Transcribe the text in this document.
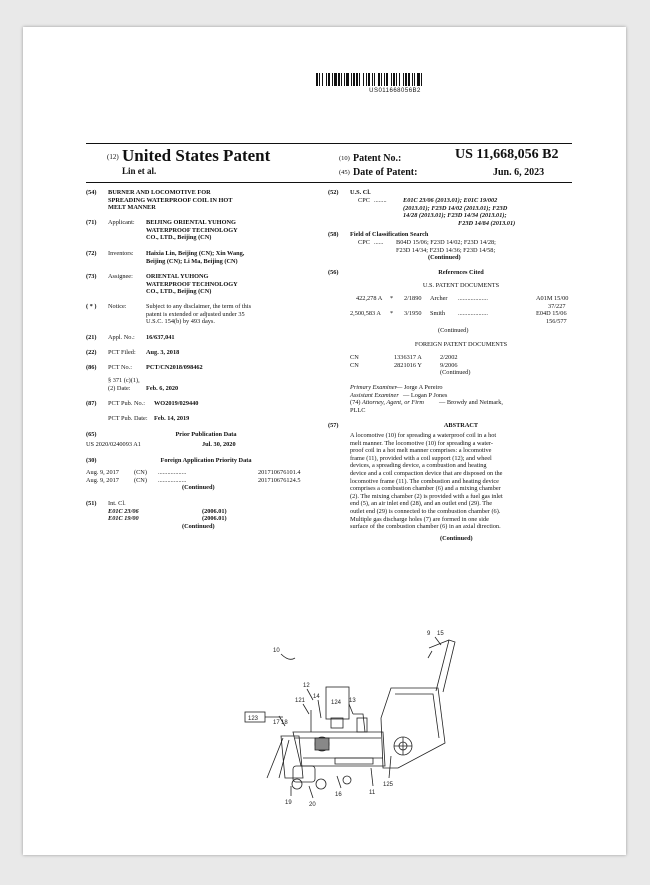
US011668056B2
(12) United States Patent
Lin et al.
(10) Patent No.:	US 11,668,056 B2
(45) Date of Patent:	Jun. 6, 2023
(54) BURNER AND LOCOMOTIVE FOR
SPREADING WATERPROOF COIL IN HOT
MELT MANNER
(71) Applicant: BEIJING ORIENTAL YUHONG
WATERPROOF TECHNOLOGY
CO., LTD., Beijing (CN)
(72) Inventors: Haixia Lin, Beijing (CN); Xin Wang,
Beijing (CN); Li Ma, Beijing (CN)
(73) Assignee: ORIENTAL YUHONG
WATERPROOF TECHNOLOGY
CO., LTD., Beijing (CN)
( * ) Notice:	Subject to any disclaimer, the term of this
patent is extended or adjusted under 35
U.S.C. 154(b) by 493 days.
(21) Appl. No.: 16/637,041
(22) PCT Filed: Aug. 3, 2018
(86) PCT No.: PCT/CN2018/098462
§ 371 (c)(1),
(2) Date: Feb. 6, 2020
(87) PCT Pub. No.: WO2019/029440
PCT Pub. Date: Feb. 14, 2019
(65)	Prior Publication Data
US 2020/0240093 A1	Jul. 30, 2020
(30)	Foreign Application Priority Data
Aug. 9, 2017 (CN) ..................	201710676101.4
Aug. 9, 2017 (CN) ..................	201710676124.5
(Continued)
(51) Int. Cl.
E01C 23/06	(2006.01)
E01C 19/00	(2006.01)
(Continued)
(52) U.S. Cl.
CPC ........	E01C 23/06 (2013.01); E01C 19/002
(2013.01); F23D 14/02 (2013.01); F23D
14/28 (2013.01); F23D 14/34 (2013.01);
F23D 14/84 (2013.01)
(58) Field of Classification Search
CPC ...... B04D 15/06; F23D 14/02; F23D 14/28;
F23D 14/34; F23D 14/36; F23D 14/58;
(Continued)
(56)	References Cited
U.S. PATENT DOCUMENTS
422,278 A * 2/1890 Archer ...................	A01M 15/00
37/227
2,500,583 A * 3/1950 Smith ...................	E04D 15/06
156/577
(Continued)
FOREIGN PATENT DOCUMENTS
CN	1336317 A	2/2002
CN	2821016 Y	9/2006
(Continued)
Primary Examiner
— Jorge A Pereiro
Assistant Examiner — Logan P Jones
(74) Attorney, Agent, or Firm — Browdy and Neimark,
PLLC
(57)	ABSTRACT
A locomotive (10) for spreading a waterproof coil in a hot
melt manner. The locomotive (10) for spreading a water-
proof coil in a hot melt manner comprises: a locomotive
frame (11), provided with a coil support (12); and wheel
devices, a spreading device, a combustion and heating
device and a coil compaction device that are disposed on the
locomotive frame (11). The combustion and heating device
comprises a combustion chamber (6) and a mixing chamber
(2). The mixing chamber (2) is provided with a fuel gas inlet
end (5), an air inlet end (28), and an outlet end (29). The
outlet end (29) is connected to the combustion chamber (6).
Multiple gas discharge holes (7) are formed in one side
surface of the combustion chamber (6) in an axial direction.
(Continued)
10
9 15
12
121
14
124 13
123
17 18
19	20
16	11
125
